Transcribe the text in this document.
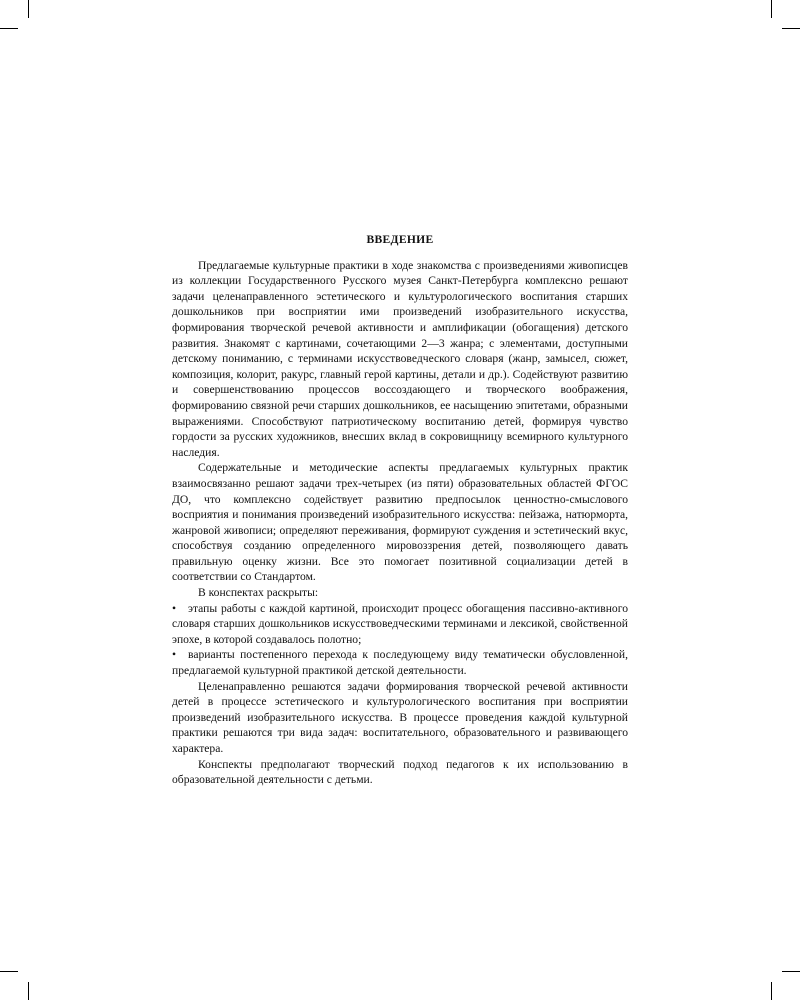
ВВЕДЕНИЕ

Предлагаемые культурные практики в ходе знакомства с произведениями живописцев из коллекции Государственного Русского музея Санкт-Петербурга комплексно решают задачи целенаправленного эстетического и культурологического воспитания старших дошкольников при восприятии ими произведений изобразительного искусства, формирования творческой речевой активности и амплификации (обогащения) детского развития. Знакомят с картинами, сочетающими 2—3 жанра; с элементами, доступными детскому пониманию, с терминами искусствоведческого словаря (жанр, замысел, сюжет, композиция, колорит, ракурс, главный герой картины, детали и др.). Содействуют развитию и совершенствованию процессов воссоздающего и творческого воображения, формированию связной речи старших дошкольников, ее насыщению эпитетами, образными выражениями. Способствуют патриотическому воспитанию детей, формируя чувство гордости за русских художников, внесших вклад в сокровищницу всемирного культурного наследия.

Содержательные и методические аспекты предлагаемых культурных практик взаимосвязанно решают задачи трех-четырех (из пяти) образовательных областей ФГОС ДО, что комплексно содействует развитию предпосылок ценностно-смыслового восприятия и понимания произведений изобразительного искусства: пейзажа, натюрморта, жанровой живописи; определяют переживания, формируют суждения и эстетический вкус, способствуя созданию определенного мировоззрения детей, позволяющего давать правильную оценку жизни. Все это помогает позитивной социализации детей в соответствии со Стандартом.

В конспектах раскрыты:

• этапы работы с каждой картиной, происходит процесс обогащения пассивно-активного словаря старших дошкольников искусствоведческими терминами и лексикой, свойственной эпохе, в которой создавалось полотно;

• варианты постепенного перехода к последующему виду тематически обусловленной, предлагаемой культурной практикой детской деятельности.

Целенаправленно решаются задачи формирования творческой речевой активности детей в процессе эстетического и культурологического воспитания при восприятии произведений изобразительного искусства. В процессе проведения каждой культурной практики решаются три вида задач: воспитательного, образовательного и развивающего характера.

Конспекты предполагают творческий подход педагогов к их использованию в образовательной деятельности с детьми.
